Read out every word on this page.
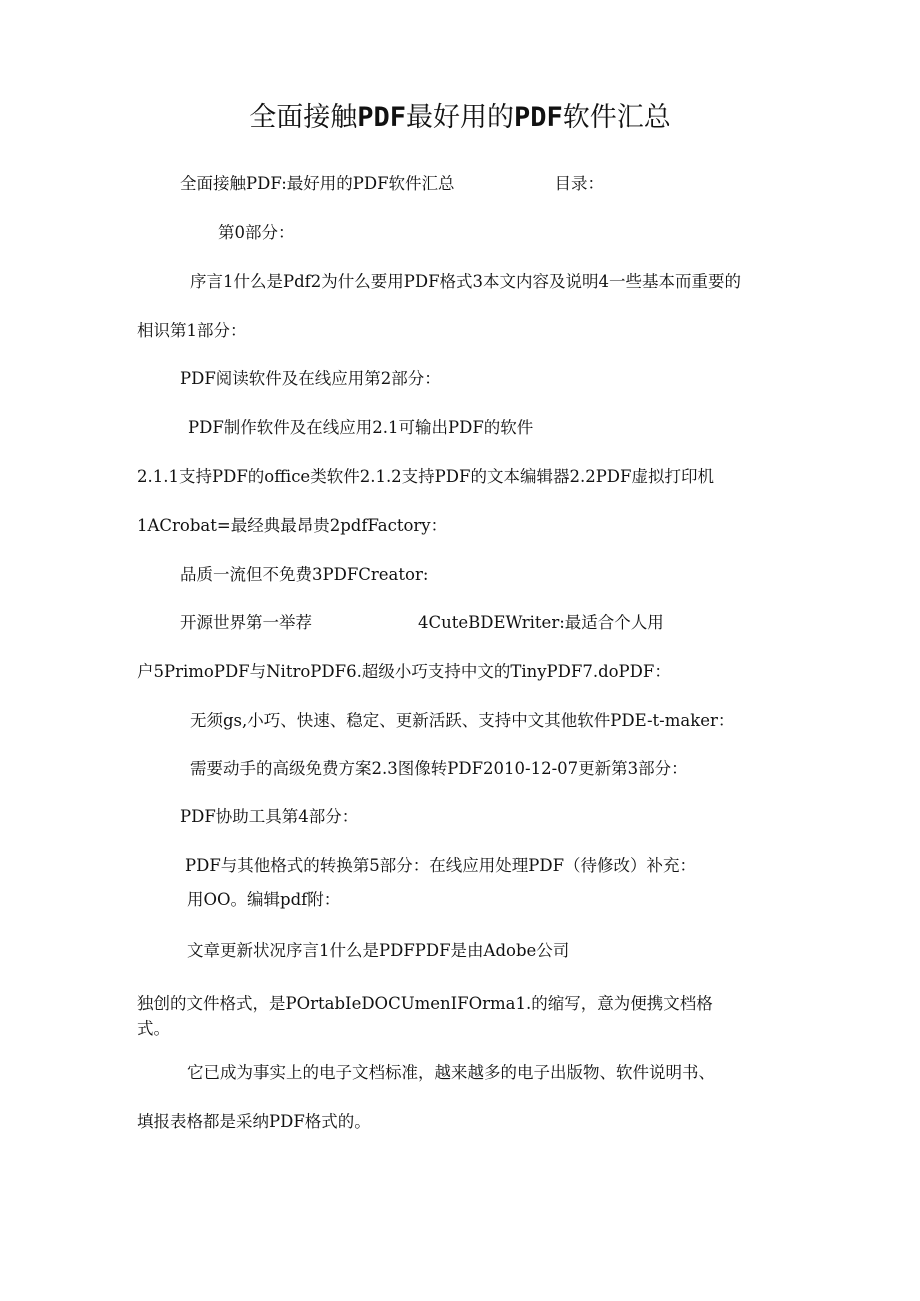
全面接触PDF最好用的PDF软件汇总
全面接触PDF:最好用的PDF软件汇总	目录：
第0部分：
序言1什么是Pdf2为什么要用PDF格式3本文内容及说明4一些基本而重要的
相识第1部分：
PDF阅读软件及在线应用第2部分：
PDF制作软件及在线应用2.1可输出PDF的软件
2.1.1支持PDF的office类软件2.1.2支持PDF的文本编辑器2.2PDF虚拟打印机
1ACrobat=最经典最昂贵2pdfFactory：
品质一流但不免费3PDFCreator:
开源世界第一举荐	4CuteBDEWriter:最适合个人用
户5PrimoPDF与NitroPDF6.超级小巧支持中文的TinyPDF7.doPDF：
无须gs,小巧、快速、稳定、更新活跃、支持中文其他软件PDE-t-maker：
需要动手的高级免费方案2.3图像转PDF2010-12-07更新第3部分：
PDF协助工具第4部分：
PDF与其他格式的转换第5部分：在线应用处理PDF（待修改）补充：
用OO。编辑pdf附：
文章更新状况序言1什么是PDFPDF是由Adobe公司
独创的文件格式，是POrtabIeDOCUmenIFOrma1.的缩写，意为便携文档格
式。
它已成为事实上的电子文档标准，越来越多的电子出版物、软件说明书、
填报表格都是采纳PDF格式的。
